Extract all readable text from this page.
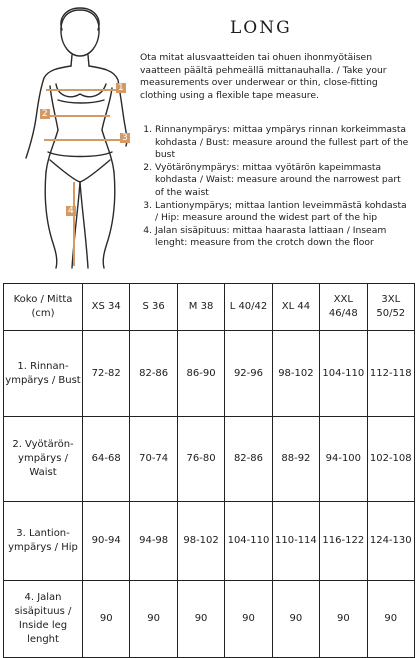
1
2
3
4
LONG
Ota mitat alusvaatteiden tai ohuen ihonmyötäisen vaatteen päältä pehmeällä mittanauhalla. / Take your measurements over underwear or thin, close-fitting clothing using a flexible tape measure.
1. Rinnanympärys: mittaa ympärys rinnan korkeimmasta kohdasta / Bust: measure around the fullest part of the bust
2. Vyötärönympärys: mittaa vyötärön kapeimmasta kohdasta / Waist: measure around the narrowest part of the waist
3. Lantionympärys; mittaa lantion leveimmästä kohdasta / Hip: measure around the widest part of the hip
4. Jalan sisäpituus: mittaa haarasta lattiaan / Inseam lenght: measure from the crotch down the floor
Koko / Mitta (cm)	XS 34	S 36	M 38	L 40/42	XL 44	XXL 46/48	3XL 50/52
1. Rinnan-ympärys / Bust	72-82	82-86	86-90	92-96	98-102	104-110	112-118
2. Vyötärön-ympärys / Waist	64-68	70-74	76-80	82-86	88-92	94-100	102-108
3. Lantion-ympärys / Hip	90-94	94-98	98-102	104-110	110-114	116-122	124-130
4. Jalan sisäpituus / Inside leg lenght	90	90	90	90	90	90	90
